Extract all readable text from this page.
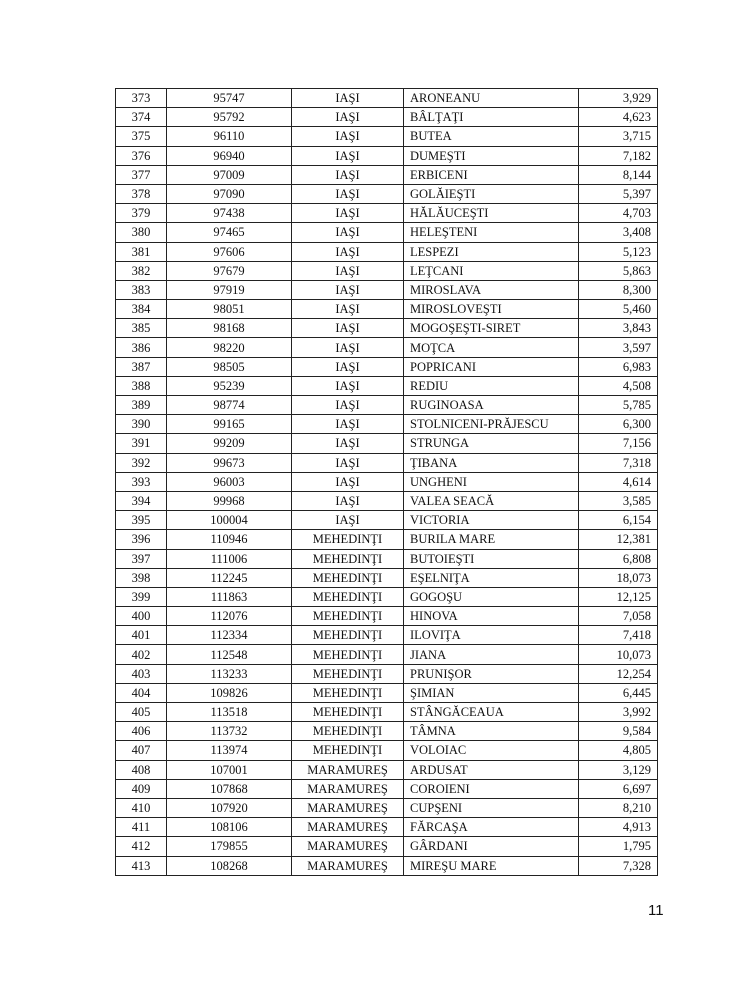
373	95747	IAŞI	ARONEANU	3,929
374	95792	IAŞI	BÂLŢAŢI	4,623
375	96110	IAŞI	BUTEA	3,715
376	96940	IAŞI	DUMEŞTI	7,182
377	97009	IAŞI	ERBICENI	8,144
378	97090	IAŞI	GOLĂIEŞTI	5,397
379	97438	IAŞI	HĂLĂUCEŞTI	4,703
380	97465	IAŞI	HELEŞTENI	3,408
381	97606	IAŞI	LESPEZI	5,123
382	97679	IAŞI	LEŢCANI	5,863
383	97919	IAŞI	MIROSLAVA	8,300
384	98051	IAŞI	MIROSLOVEŞTI	5,460
385	98168	IAŞI	MOGOŞEŞTI-SIRET	3,843
386	98220	IAŞI	MOŢCA	3,597
387	98505	IAŞI	POPRICANI	6,983
388	95239	IAŞI	REDIU	4,508
389	98774	IAŞI	RUGINOASA	5,785
390	99165	IAŞI	STOLNICENI-PRĂJESCU	6,300
391	99209	IAŞI	STRUNGA	7,156
392	99673	IAŞI	ŢIBANA	7,318
393	96003	IAŞI	UNGHENI	4,614
394	99968	IAŞI	VALEA SEACĂ	3,585
395	100004	IAŞI	VICTORIA	6,154
396	110946	MEHEDINŢI	BURILA MARE	12,381
397	111006	MEHEDINŢI	BUTOIEŞTI	6,808
398	112245	MEHEDINŢI	EŞELNIŢA	18,073
399	111863	MEHEDINŢI	GOGOŞU	12,125
400	112076	MEHEDINŢI	HINOVA	7,058
401	112334	MEHEDINŢI	ILOVIŢA	7,418
402	112548	MEHEDINŢI	JIANA	10,073
403	113233	MEHEDINŢI	PRUNIŞOR	12,254
404	109826	MEHEDINŢI	ŞIMIAN	6,445
405	113518	MEHEDINŢI	STÂNGĂCEAUA	3,992
406	113732	MEHEDINŢI	TÂMNA	9,584
407	113974	MEHEDINŢI	VOLOIAC	4,805
408	107001	MARAMUREŞ	ARDUSAT	3,129
409	107868	MARAMUREŞ	COROIENI	6,697
410	107920	MARAMUREŞ	CUPŞENI	8,210
411	108106	MARAMUREŞ	FĂRCAŞA	4,913
412	179855	MARAMUREŞ	GÂRDANI	1,795
413	108268	MARAMUREŞ	MIREŞU MARE	7,328
11
